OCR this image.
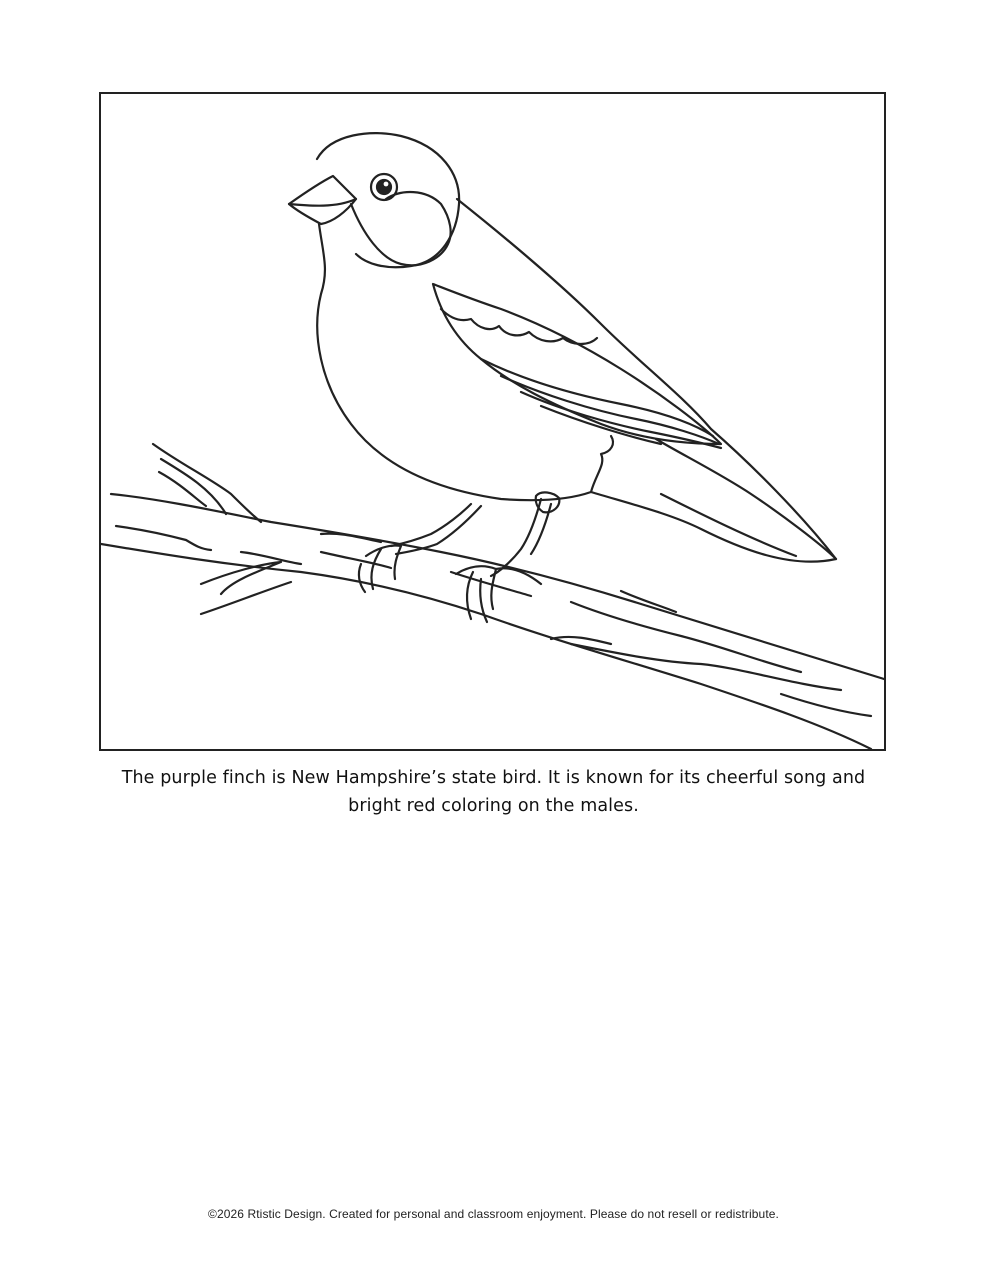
The purple finch is New Hampshire’s state bird. It is known for its cheerful song and
bright red coloring on the males.
©2026 Rtistic Design. Created for personal and classroom enjoyment. Please do not resell or redistribute.
